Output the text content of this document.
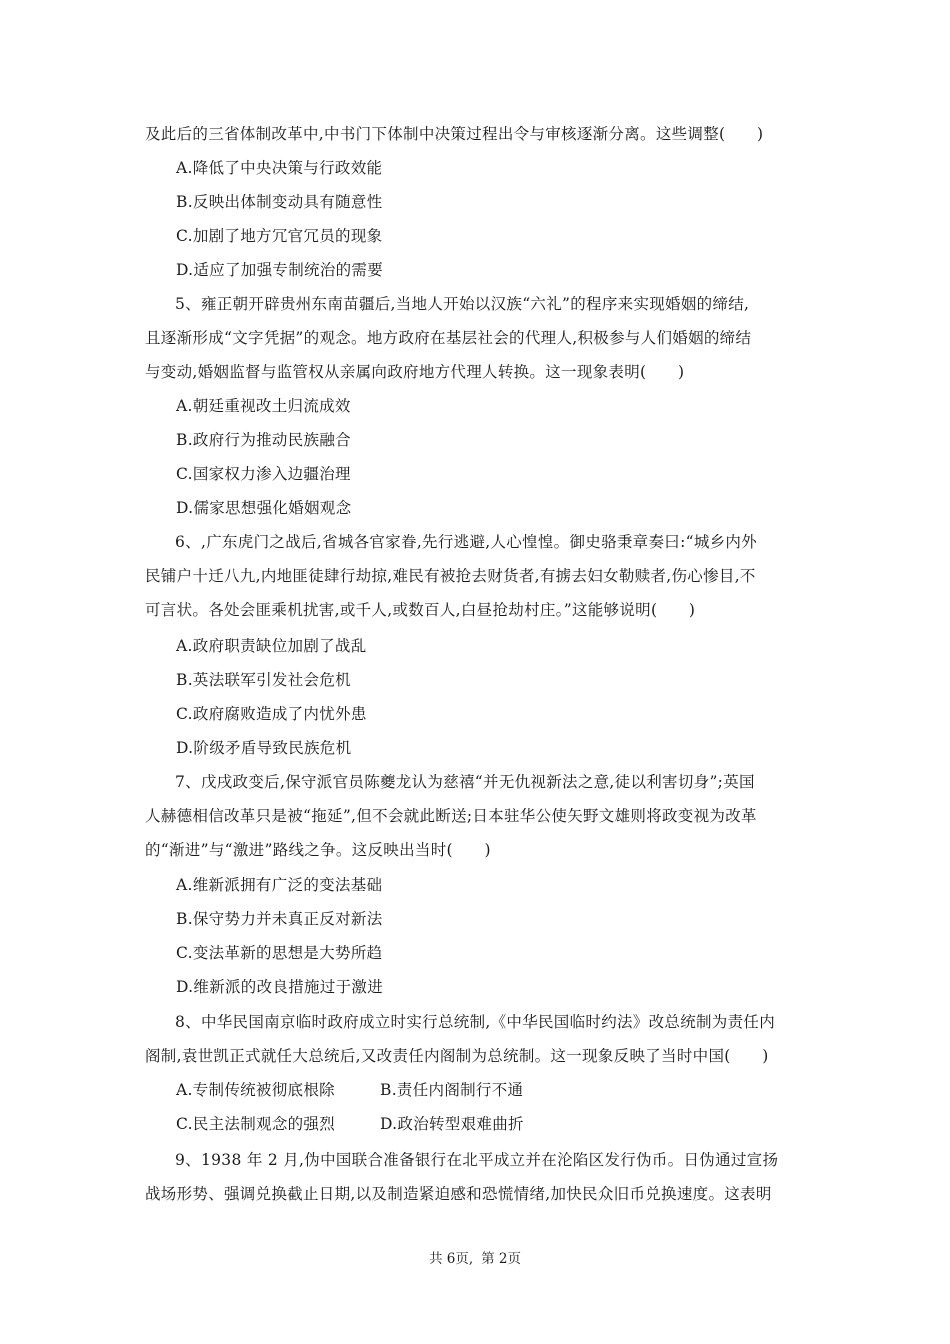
及此后的三省体制改革中,中书门下体制中决策过程出令与审核逐渐分离。这些调整(　　)
A.降低了中央决策与行政效能
B.反映出体制变动具有随意性
C.加剧了地方冗官冗员的现象
D.适应了加强专制统治的需要
5、雍正朝开辟贵州东南苗疆后,当地人开始以汉族“六礼”的程序来实现婚姻的缔结,
且逐渐形成“文字凭据”的观念。地方政府在基层社会的代理人,积极参与人们婚姻的缔结
与变动,婚姻监督与监管权从亲属向政府地方代理人转换。这一现象表明(　　)
A.朝廷重视改土归流成效
B.政府行为推动民族融合
C.国家权力渗入边疆治理
D.儒家思想强化婚姻观念
6、,广东虎门之战后,省城各官家眷,先行逃避,人心惶惶。御史骆秉章奏曰:“城乡内外
民铺户十迁八九,内地匪徒肆行劫掠,难民有被抢去财货者,有掳去妇女勒赎者,伤心惨目,不
可言状。各处会匪乘机扰害,或千人,或数百人,白昼抢劫村庄。”这能够说明(　　)
A.政府职责缺位加剧了战乱
B.英法联军引发社会危机
C.政府腐败造成了内忧外患
D.阶级矛盾导致民族危机
7、戊戌政变后,保守派官员陈夔龙认为慈禧“并无仇视新法之意,徒以利害切身”;英国
人赫德相信改革只是被“拖延”,但不会就此断送;日本驻华公使矢野文雄则将政变视为改革
的“渐进”与“激进”路线之争。这反映出当时(　　)
A.维新派拥有广泛的变法基础
B.保守势力并未真正反对新法
C.变法革新的思想是大势所趋
D.维新派的改良措施过于激进
8、中华民国南京临时政府成立时实行总统制,《中华民国临时约法》改总统制为责任内
阁制,袁世凯正式就任大总统后,又改责任内阁制为总统制。这一现象反映了当时中国(　　)
A.专制传统被彻底根除	B.责任内阁制行不通
C.民主法制观念的强烈	D.政治转型艰难曲折
9、1938 年 2 月,伪中国联合准备银行在北平成立并在沦陷区发行伪币。日伪通过宣扬
战场形势、强调兑换截止日期,以及制造紧迫感和恐慌情绪,加快民众旧币兑换速度。这表明
共 6页, 第 2页
